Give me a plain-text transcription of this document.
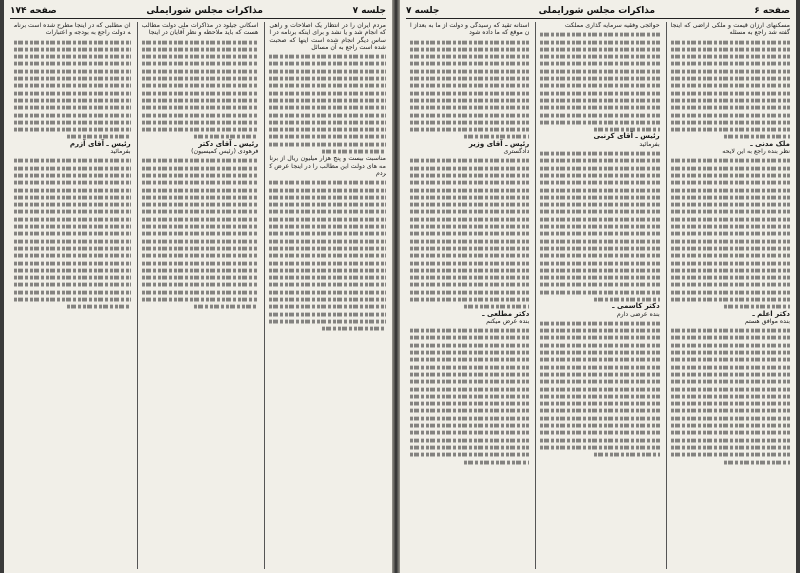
صفحه ۶
مذاکرات مجلس شورایملی
جلسه ۷
مسکنهای ارزان قیمت و ملکی اراضی که اینجا گفته شد راجع به مسئله
ملک مدنی ـ
نظر بنده راجع به این لایحه
دکتر اعلم ـ
بنده موافق هستم
حوائجی وفقیه سرمایه گذاری مملکت
رئیس ـ آقای کرنبی
بفرمائید
دکتر کاسمی ـ
بنده عرضی دارم
استانه تقید که رسیدگی و دولت از ما به بعداز آن موقع که ما داده شود
رئیس ـ آقای وزیر
دادگستری
دکتر مطلعی ـ
بنده عرض میکنم
جلسه ۷
مذاکرات مجلس شورایملی
صفحه ۱۷۴
مردم ایران را در انتظار یک اصلاحات و راهی که انجام شد و یا نشد و برای اینکه برنامه در اساس دیگر انجام شده است اینها که صحبت شده است راجع به آن مسائل
مناسبت بیست و پنج هزار میلیون ریال از برنامه های دولت این مطالب را در اینجا عرض کردم
اسکانی جیلود در مذاکرات ملی دولت مطالب هست که باید ملاحظه و نظر آقایان در اینجا
رئیس ـ آقای دکتر
فرهودی (رئیس کمیسیون)
آن مطلبی که در اینجا مطرح شده است برنامه دولت راجع به بودجه و اعتبارات
رئیس ـ آقای آزرم
بفرمائید
